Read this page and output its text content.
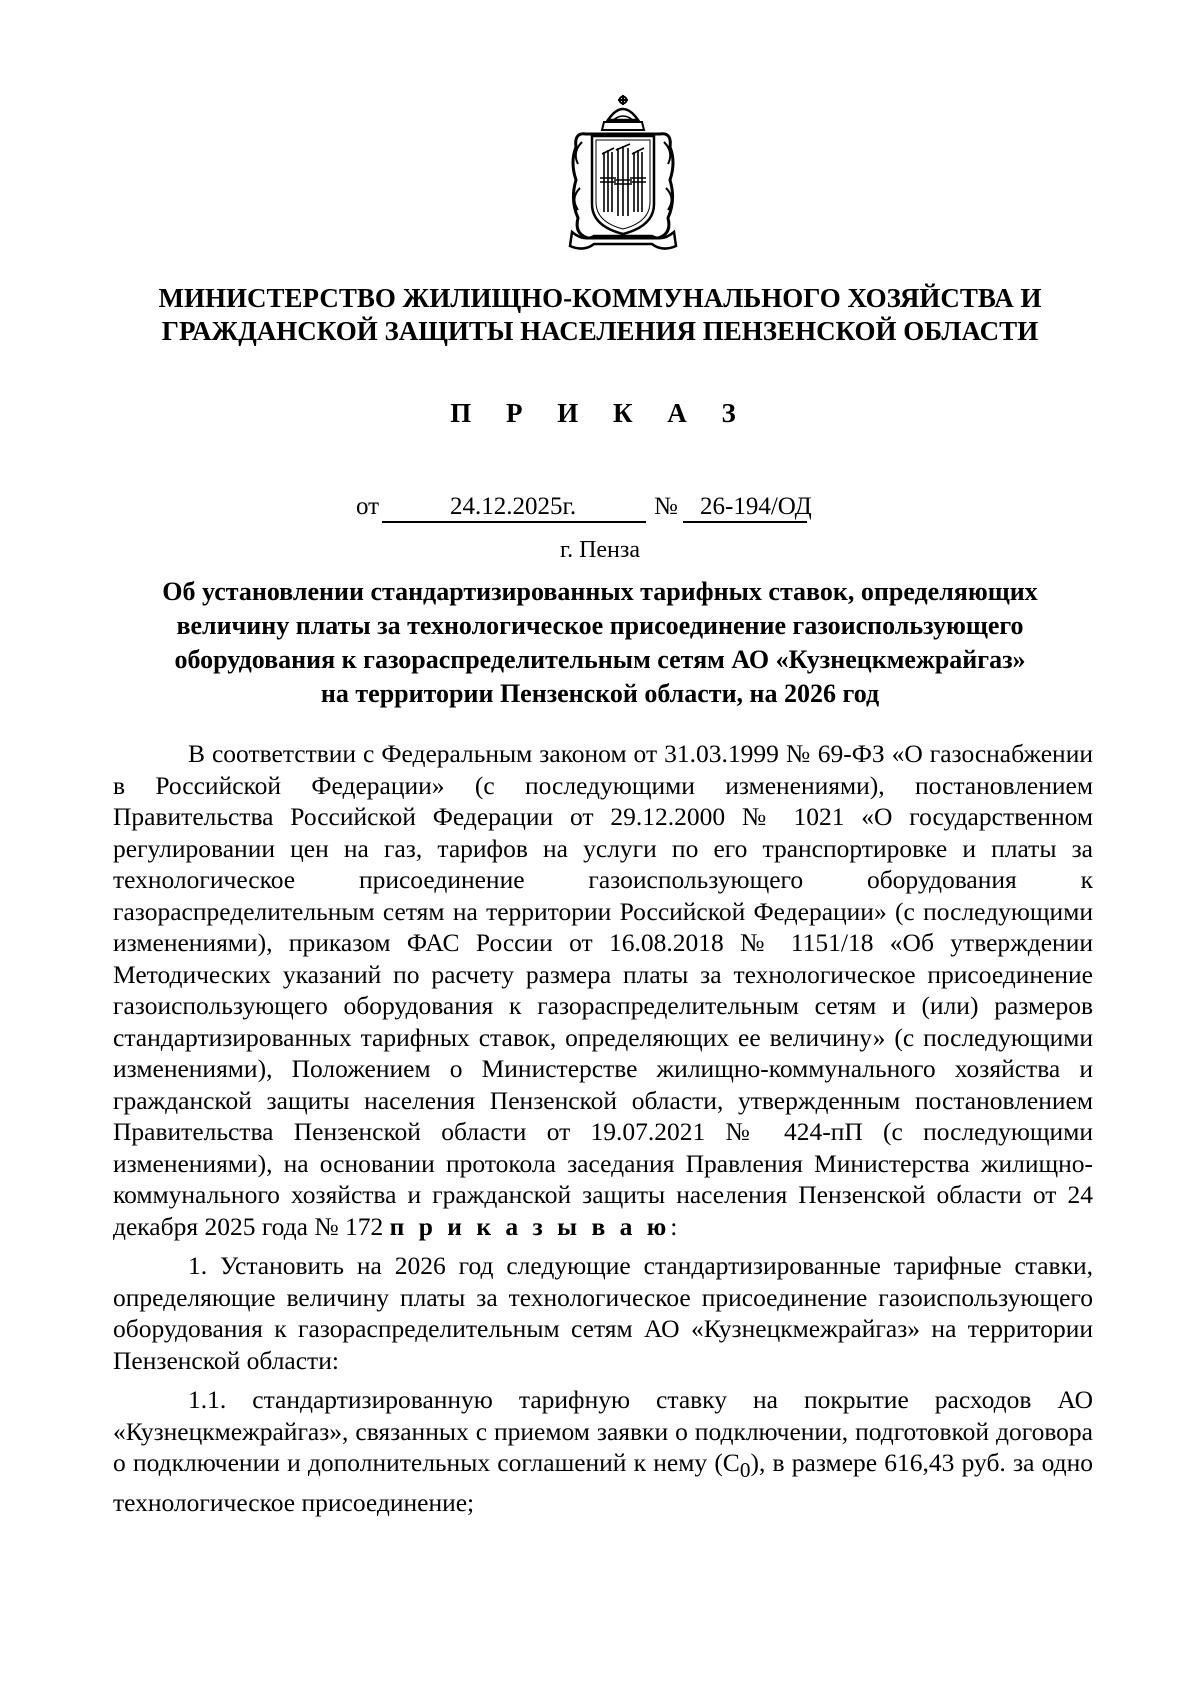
МИНИСТЕРСТВО ЖИЛИЩНО-КОММУНАЛЬНОГО ХОЗЯЙСТВА И
ГРАЖДАНСКОЙ ЗАЩИТЫ НАСЕЛЕНИЯ ПЕНЗЕНСКОЙ ОБЛАСТИ
П Р И К А З
от	24.12.2025г.	№ 26-194/ОД
г. Пенза
Об установлении стандартизированных тарифных ставок, определяющих
величину платы за технологическое присоединение газоиспользующего
оборудования к газораспределительным сетям АО «Кузнецкмежрайгаз»
на территории Пензенской области, на 2026 год

В соответствии с Федеральным законом от 31.03.1999 № 69-ФЗ «О газоснабжении в Российской Федерации» (с последующими изменениями), постановлением Правительства Российской Федерации от 29.12.2000 № 1021 «О государственном регулировании цен на газ, тарифов на услуги по его транспортировке и платы за технологическое присоединение газоиспользующего оборудования к газораспределительным сетям на территории Российской Федерации» (с последующими изменениями), приказом ФАС России от 16.08.2018 № 1151/18 «Об утверждении Методических указаний по расчету размера платы за технологическое присоединение газоиспользующего оборудования к газораспределительным сетям и (или) размеров стандартизированных тарифных ставок, определяющих ее величину» (с последующими изменениями), Положением о Министерстве жилищно-коммунального хозяйства и гражданской защиты населения Пензенской области, утвержденным постановлением Правительства Пензенской области от 19.07.2021 № 424-пП (с последующими изменениями), на основании протокола заседания Правления Министерства жилищно-коммунального хозяйства и гражданской защиты населения Пензенской области от 24 декабря 2025 года № 172 п р и к а з ы в а ю:

1. Установить на 2026 год следующие стандартизированные тарифные ставки, определяющие величину платы за технологическое присоединение газоиспользующего оборудования к газораспределительным сетям АО «Кузнецкмежрайгаз» на территории Пензенской области:

1.1. стандартизированную тарифную ставку на покрытие расходов АО «Кузнецкмежрайгаз», связанных с приемом заявки о подключении, подготовкой договора о подключении и дополнительных соглашений к нему $(С_0)$, в размере 616,43 руб. за одно технологическое присоединение;
